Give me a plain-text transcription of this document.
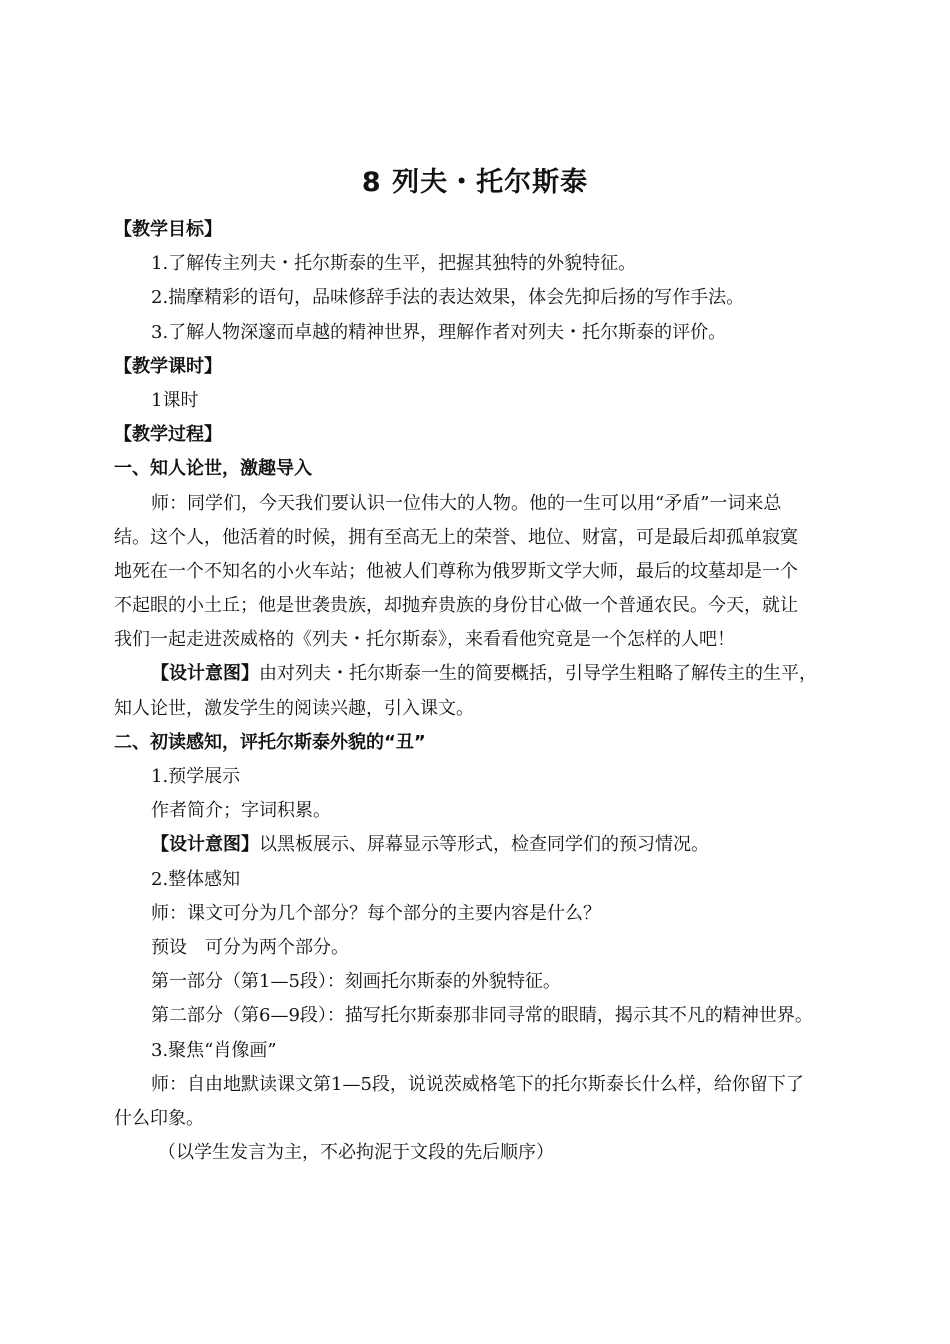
8 列夫・托尔斯泰

【教学目标】

1.了解传主列夫・托尔斯泰的生平，把握其独特的外貌特征。

2.揣摩精彩的语句，品味修辞手法的表达效果，体会先抑后扬的写作手法。

3.了解人物深邃而卓越的精神世界，理解作者对列夫・托尔斯泰的评价。

【教学课时】

1课时

【教学过程】

一、知人论世，激趣导入

师：同学们，今天我们要认识一位伟大的人物。他的一生可以用“矛盾”一词来总
结。这个人，他活着的时候，拥有至高无上的荣誉、地位、财富，可是最后却孤单寂寞
地死在一个不知名的小火车站；他被人们尊称为俄罗斯文学大师，最后的坟墓却是一个
不起眼的小土丘；他是世袭贵族，却抛弃贵族的身份甘心做一个普通农民。今天，就让
我们一起走进茨威格的《列夫・托尔斯泰》，来看看他究竟是一个怎样的人吧！
【设计意图】由对列夫・托尔斯泰一生的简要概括，引导学生粗略了解传主的生平，
知人论世，激发学生的阅读兴趣，引入课文。

二、初读感知，评托尔斯泰外貌的“丑”

1.预学展示

作者简介；字词积累。

【设计意图】以黑板展示、屏幕显示等形式，检查同学们的预习情况。

2.整体感知

师：课文可分为几个部分？每个部分的主要内容是什么？

预设　可分为两个部分。

第一部分（第1—5段）：刻画托尔斯泰的外貌特征。

第二部分（第6—9段）：描写托尔斯泰那非同寻常的眼睛，揭示其不凡的精神世界。

3.聚焦“肖像画”

师：自由地默读课文第1—5段，说说茨威格笔下的托尔斯泰长什么样，给你留下了
什么印象。

（以学生发言为主，不必拘泥于文段的先后顺序）
